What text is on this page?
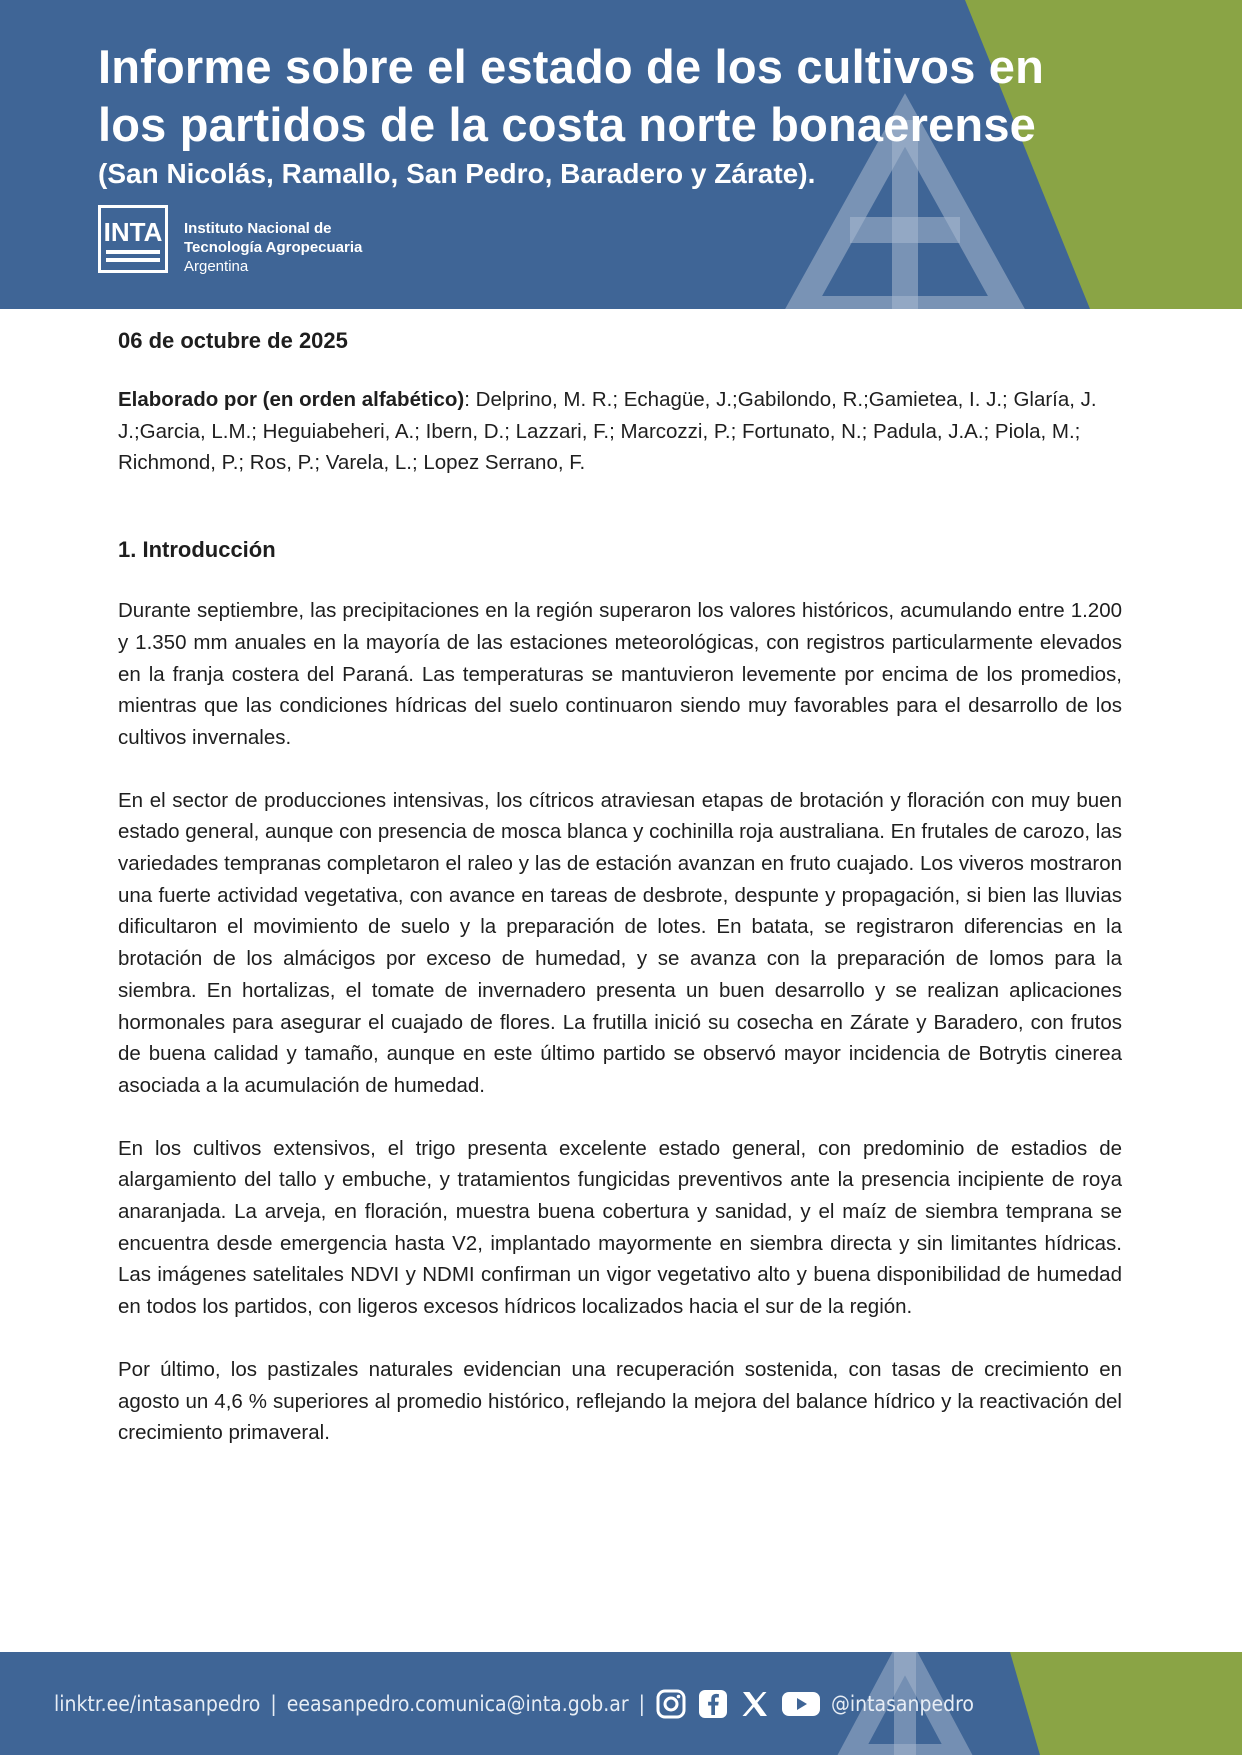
Informe sobre el estado de los cultivos en
los partidos de la costa norte bonaerense
(San Nicolás, Ramallo, San Pedro, Baradero y Zárate).
INTA Instituto Nacional de
Tecnología Agropecuaria
Argentina
06 de octubre de 2025
Elaborado por (en orden alfabético): Delprino, M. R.; Echagüe, J.;Gabilondo, R.;Gamietea, I. J.; Glaría, J. J.;Garcia, L.M.; Heguiabeheri, A.; Ibern, D.; Lazzari, F.; Marcozzi, P.; Fortunato, N.; Padula, J.A.; Piola, M.; Richmond, P.; Ros, P.; Varela, L.; Lopez Serrano, F.
1. Introducción

Durante septiembre, las precipitaciones en la región superaron los valores históricos, acumulando entre 1.200 y 1.350 mm anuales en la mayoría de las estaciones meteorológicas, con registros particularmente elevados en la franja costera del Paraná. Las temperaturas se mantuvieron levemente por encima de los promedios, mientras que las condiciones hídricas del suelo continuaron siendo muy favorables para el desarrollo de los cultivos invernales.

En el sector de producciones intensivas, los cítricos atraviesan etapas de brotación y floración con muy buen estado general, aunque con presencia de mosca blanca y cochinilla roja australiana. En frutales de carozo, las variedades tempranas completaron el raleo y las de estación avanzan en fruto cuajado. Los viveros mostraron una fuerte actividad vegetativa, con avance en tareas de desbrote, despunte y propagación, si bien las lluvias dificultaron el movimiento de suelo y la preparación de lotes. En batata, se registraron diferencias en la brotación de los almácigos por exceso de humedad, y se avanza con la preparación de lomos para la siembra. En hortalizas, el tomate de invernadero presenta un buen desarrollo y se realizan aplicaciones hormonales para asegurar el cuajado de flores. La frutilla inició su cosecha en Zárate y Baradero, con frutos de buena calidad y tamaño, aunque en este último partido se observó mayor incidencia de Botrytis cinerea asociada a la acumulación de humedad.

En los cultivos extensivos, el trigo presenta excelente estado general, con predominio de estadios de alargamiento del tallo y embuche, y tratamientos fungicidas preventivos ante la presencia incipiente de roya anaranjada. La arveja, en floración, muestra buena cobertura y sanidad, y el maíz de siembra temprana se encuentra desde emergencia hasta V2, implantado mayormente en siembra directa y sin limitantes hídricas. Las imágenes satelitales NDVI y NDMI confirman un vigor vegetativo alto y buena disponibilidad de humedad en todos los partidos, con ligeros excesos hídricos localizados hacia el sur de la región.

Por último, los pastizales naturales evidencian una recuperación sostenida, con tasas de crecimiento en agosto un 4,6 % superiores al promedio histórico, reflejando la mejora del balance hídrico y la reactivación del crecimiento primaveral.

linktr.ee/intasanpedro | eeasanpedro.comunica@inta.gob.ar |	@intasanpedro
